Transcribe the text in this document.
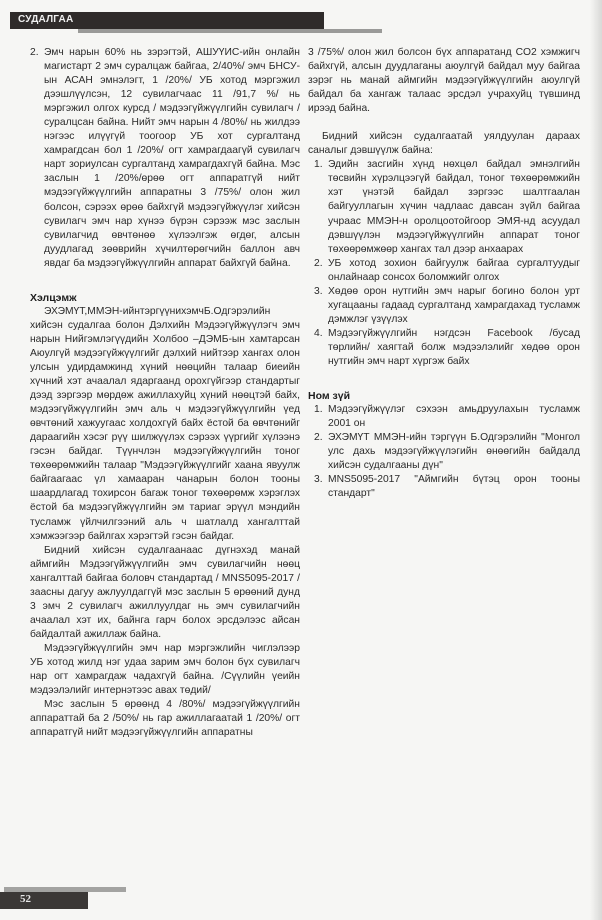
СУДАЛГАА
2. Эмч нарын 60% нь зэрэгтэй, АШУҮИС-ийн онлайн магистарт 2 эмч суралцаж байгаа, 2/40%/ эмч БНСУ-ын АСАН эмнэлэгт, 1 /20%/ УБ хотод мэргэжил дээшлүүлсэн, 12 сувилагчаас 11 /91,7 %/ нь мэргэжил олгох курсд / мэдээгүйжүүлгийн сувилагч / суралцсан байна. Нийт эмч нарын 4 /80%/ нь жилдээ нэгээс илүүгүй тоогоор УБ хот сургалтанд хамрагдсан бол 1 /20%/ огт хамрагдаагүй сувилагч нарт зориулсан сургалтанд хамрагдахгүй байна. Мэс заслын 1 /20%/өрөө огт аппаратгүй нийт мэдээгүйжүүлгийн аппаратны 3 /75%/ олон жил болсон, сэрээх өрөө байхгүй мэдээгүйжүүлэг хийсэн сувилагч эмч нар хүнээ бүрэн сэрээж мэс заслын сувилагчид өвчтөнөө хүлээлгэж өгдөг, алсын дуудлагад зөөврийн хүчилтөрөгчийн баллон авч явдаг ба мэдээгүйжүүлгийн аппарат байхгүй байна.

Хэлцэмж

ЭХЭМҮТ,ММЭН-ийнтэргүүнихэмчБ.Одгэрэлийн хийсэн судалгаа болон Дэлхийн Мэдээгүйжүүлэгч эмч нарын Нийгэмлэгүүдийн Холбоо –ДЭМБ-ын хамтарсан Аюулгүй мэдээгүйжүүлгийг дэлхий нийтээр хангах олон улсын удирдамжинд хүний нөөцийн талаар биеийн хүчний хэт ачаалал ядаргаанд орохгүйгээр стандартыг дээд зэргээр мөрдөж ажиллахуйц хүний нөөцтэй байх, мэдээгүйжүүлгийн эмч аль ч мэдээгүйжүүлгийн үед өвчтөний хажуугаас холдохгүй байх ёстой ба өвчтөнийг дараагийн хэсэг рүү шилжүүлэх сэрээх үүргийг хүлээнэ гэсэн байдаг. Түүнчлэн мэдээгүйжүүлгийн тоног төхөөрөмжийн талаар "Мэдээгүйжүүлгийг хаана явуулж байгаагаас үл хамааран чанарын болон тооны шаардлагад тохирсон багаж тоног төхөөрөмж хэрэглэх ёстой ба мэдээгүйжүүлгийн эм тариаг эрүүл мэндийн тусламж үйлчилгээний аль ч шатлалд хангалттай хэмжээгээр байлгах хэрэгтэй гэсэн байдаг.

Бидний хийсэн судалгаанаас дүгнэхэд манай аймгийн Мэдээгүйжүүлгийн эмч сувилагчийн нөөц хангалттай байгаа боловч стандартад / MNS5095-2017 / заасны дагуу ажлуулдаггүй мэс заслын 5 өрөөний дунд 3 эмч 2 сувилагч ажиллуулдаг нь эмч сувилагчийн ачаалал хэт их, байнга гарч болох эрсдэлээс айсан байдалтай ажиллаж байна.

Мэдээгүйжүүлгийн эмч нар мэргэжлийн чиглэлээр УБ хотод жилд нэг удаа зарим эмч болон бүх сувилагч нар огт хамрагдаж чадахгүй байна. /Сүүлийн үеийн мэдээлэлийг интернэтээс авах төдий/

Мэс заслын 5 өрөөнд 4 /80%/ мэдээгүйжүүлгийн аппараттай ба 2 /50%/ нь гар ажиллагаатай 1 /20%/ огт аппаратгүй нийт мэдээгүйжүүлгийн аппаратны

3 /75%/ олон жил болсон бүх аппаратанд CO2 хэмжигч байхгүй, алсын дуудлаганы аюулгүй байдал муу байгаа зэрэг нь манай аймгийн мэдээгүйжүүлгийн аюулгүй байдал ба хангаж талаас эрсдэл учрахуйц түвшинд ирээд байна.

Бидний хийсэн судалгаатай уялдуулан дараах саналыг дэвшүүлж байна:

1. Эдийн засгийн хүнд нөхцөл байдал эмнэлгийн төсвийн хүрэлцээгүй байдал, тоног төхөөрөмжийн хэт үнэтэй байдал зэргээс шалтгаалан байгууллагын хүчин чадлаас давсан зүйл байгаа учраас ММЭН-н оролцоотойгоор ЭМЯ-нд асуудал дэвшүүлэн мэдээгүйжүүлгийн аппарат тоног төхөөрөмжөөр хангах тал дээр анхаарах
2. УБ хотод зохион байгуулж байгаа сургалтуудыг онлайнаар сонсох боломжийг олгох
3. Хөдөө орон нутгийн эмч нарыг богино болон урт хугацааны гадаад сургалтанд хамрагдахад тусламж дэмжлэг үзүүлэх
4. Мэдээгүйжүүлгийн нэгдсэн Facebook /бусад төрлийн/ хаягтай болж мэдээлэлийг хөдөө орон нутгийн эмч нарт хүргэж байх

Ном зүй

1. Мэдээгүйжүүлэг сэхээн амьдруулахын тусламж 2001 он
2. ЭХЭМҮТ ММЭН-ийн тэргүүн Б.Одгэрэлийн "Монгол улс дахь мэдээгүйжүүлэгийн өнөөгийн байдалд хийсэн судалгааны дүн"
3. MNS5095-2017 "Аймгийн бүтэц орон тооны стандарт"
52
